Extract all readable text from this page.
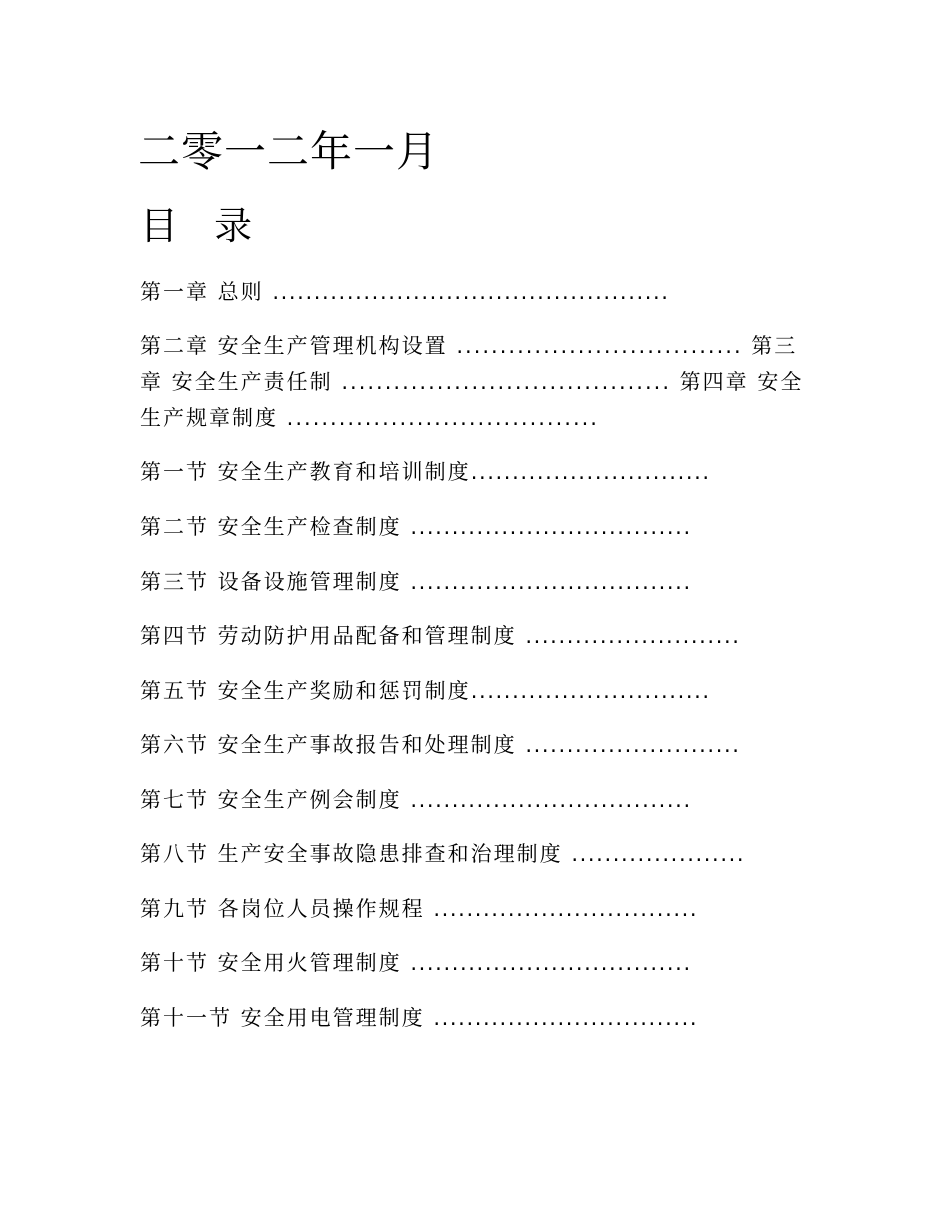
二零一二年一月
目 录
第一章 总则 ................................................
第二章 安全生产管理机构设置 ................................. 第三
章 安全生产责任制 ...................................... 第四章 安全
生产规章制度 ....................................
第一节 安全生产教育和培训制度.............................
第二节 安全生产检查制度 ..................................
第三节 设备设施管理制度 ..................................
第四节 劳动防护用品配备和管理制度 ..........................
第五节 安全生产奖励和惩罚制度.............................
第六节 安全生产事故报告和处理制度 ..........................
第七节 安全生产例会制度 ..................................
第八节 生产安全事故隐患排查和治理制度 .....................
第九节 各岗位人员操作规程 ................................
第十节 安全用火管理制度 ..................................
第十一节 安全用电管理制度 ................................
